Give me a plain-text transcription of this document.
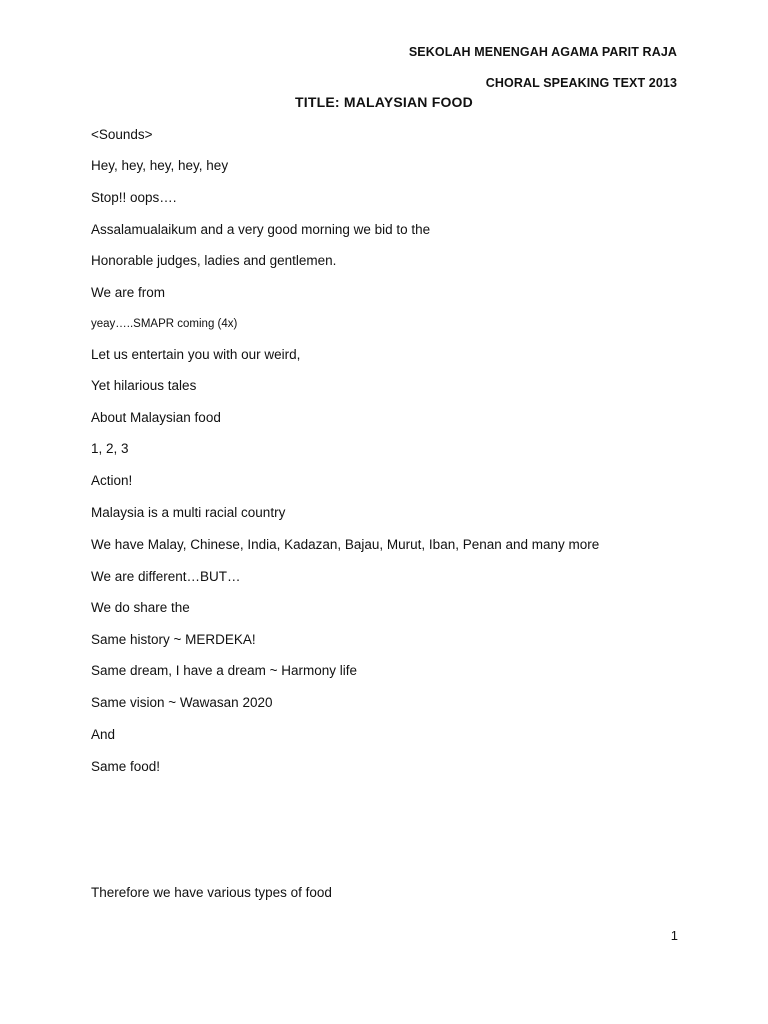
SEKOLAH MENENGAH AGAMA PARIT RAJA
CHORAL SPEAKING TEXT 2013
TITLE: MALAYSIAN FOOD
<Sounds>
Hey, hey, hey, hey, hey
Stop!! oops….
Assalamualaikum and a very good morning we bid to the
Honorable judges, ladies and gentlemen.
We are from
yeay…..SMAPR coming (4x)
Let us entertain you with our weird,
Yet hilarious tales
About Malaysian food
1, 2, 3
Action!
Malaysia is a multi racial country
We have Malay, Chinese, India, Kadazan, Bajau, Murut, Iban, Penan and many more
We are different…BUT…
We do share the
Same history ~ MERDEKA!
Same dream, I have a dream ~ Harmony life
Same vision ~ Wawasan 2020
And
Same food!
Therefore we have various types of food
1
